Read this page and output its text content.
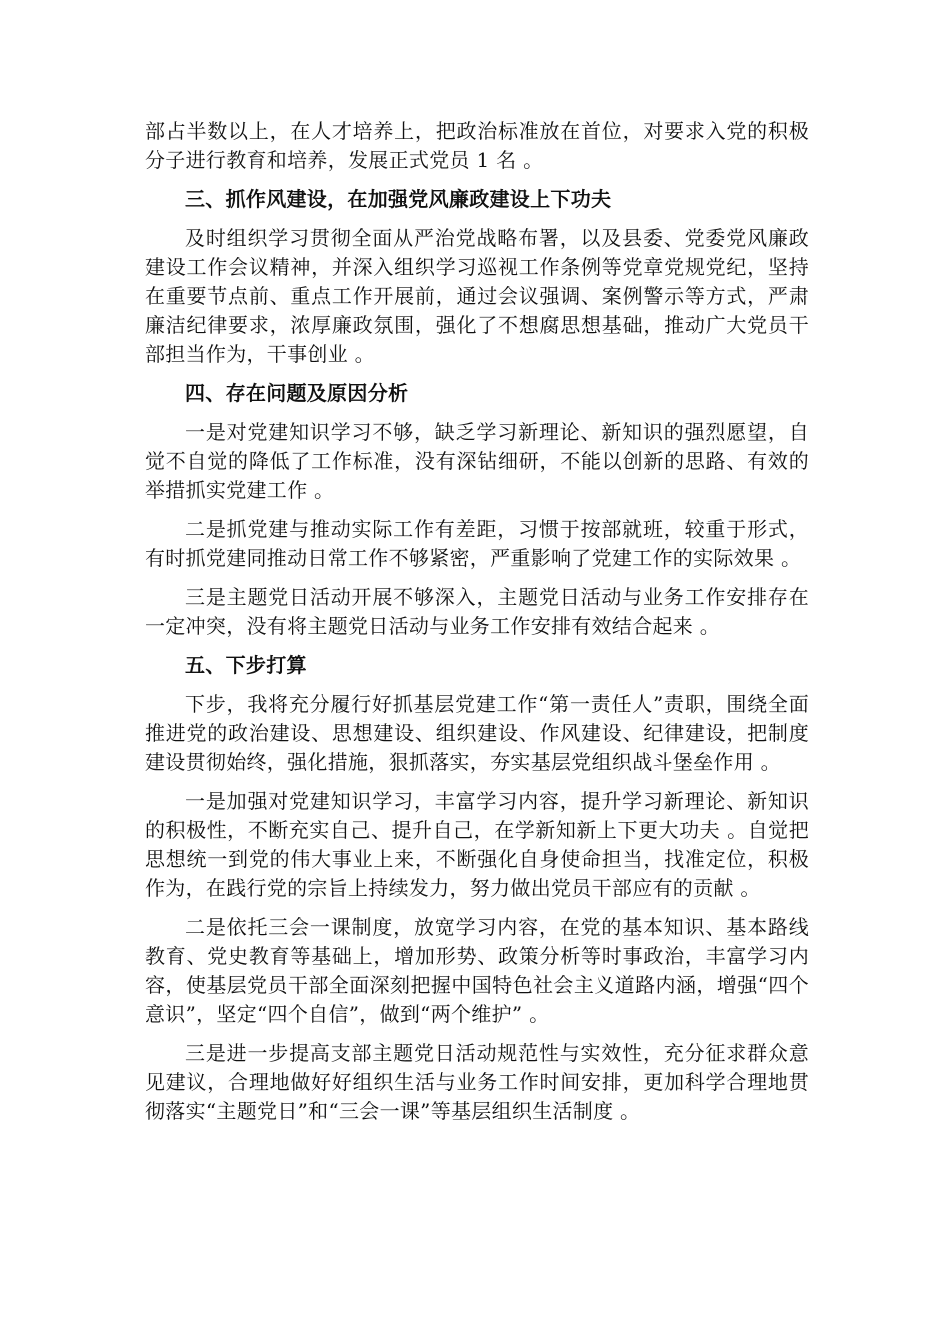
部占半数以上，在人才培养上，把政治标准放在首位，对要求入党的积极分子进行教育和培养，发展正式党员 1 名 。

三、抓作风建设，在加强党风廉政建设上下功夫

及时组织学习贯彻全面从严治党战略布署，以及县委、党委党风廉政建设工作会议精神，并深入组织学习巡视工作条例等党章党规党纪，坚持在重要节点前、重点工作开展前，通过会议强调、案例警示等方式，严肃廉洁纪律要求，浓厚廉政氛围，强化了不想腐思想基础，推动广大党员干部担当作为，干事创业 。

四、存在问题及原因分析

一是对党建知识学习不够，缺乏学习新理论、新知识的强烈愿望，自觉不自觉的降低了工作标准，没有深钻细研，不能以创新的思路、有效的举措抓实党建工作 。

二是抓党建与推动实际工作有差距，习惯于按部就班，较重于形式，有时抓党建同推动日常工作不够紧密，严重影响了党建工作的实际效果 。

三是主题党日活动开展不够深入，主题党日活动与业务工作安排存在一定冲突，没有将主题党日活动与业务工作安排有效结合起来 。

五、下步打算

下步，我将充分履行好抓基层党建工作“第一责任人”责职，围绕全面推进党的政治建设、思想建设、组织建设、作风建设、纪律建设，把制度建设贯彻始终，强化措施，狠抓落实，夯实基层党组织战斗堡垒作用 。

一是加强对党建知识学习，丰富学习内容，提升学习新理论、新知识的积极性，不断充实自己、提升自己，在学新知新上下更大功夫 。自觉把思想统一到党的伟大事业上来，不断强化自身使命担当，找准定位，积极作为，在践行党的宗旨上持续发力，努力做出党员干部应有的贡献 。

二是依托三会一课制度，放宽学习内容，在党的基本知识、基本路线教育、党史教育等基础上，增加形势、政策分析等时事政治，丰富学习内容，使基层党员干部全面深刻把握中国特色社会主义道路内涵，增强“四个意识”，坚定“四个自信”，做到“两个维护” 。

三是进一步提高支部主题党日活动规范性与实效性，充分征求群众意见建议，合理地做好好组织生活与业务工作时间安排，更加科学合理地贯彻落实“主题党日”和“三会一课”等基层组织生活制度 。
